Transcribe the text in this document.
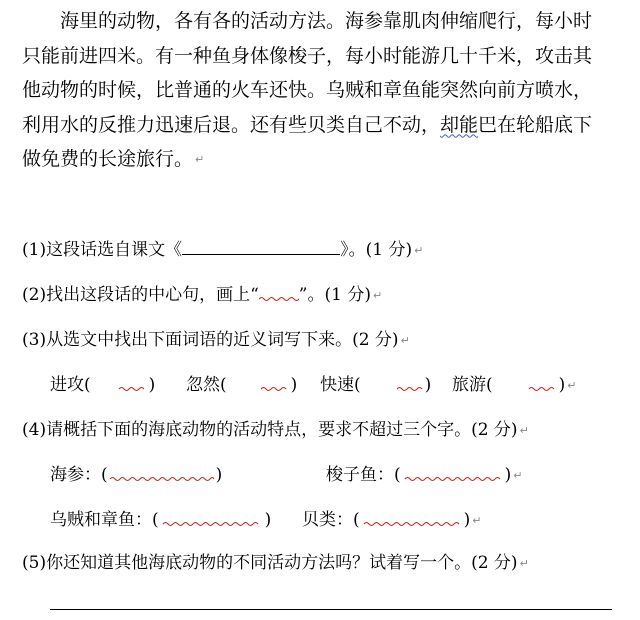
海里的动物，各有各的活动方法。海参靠肌肉伸缩爬行，每小时
只能前进四米。有一种鱼身体像梭子，每小时能游几十千米，攻击其
他动物的时候，比普通的火车还快。乌贼和章鱼能突然向前方喷水，
利用水的反推力迅速后退。还有些贝类自己不动，却能巴在轮船底下
做免费的长途旅行。 ↵
(1)这段话选自课文《	》。(1 分) ↵
(2)找出这段话的中心句，画上“ ”。(1 分) ↵
(3)从选文中找出下面词语的近义词写下来。(2 分) ↵
进攻(	) 忽然(	) 快速(	) 旅游(	) ↵
(4)请概括下面的海底动物的活动特点，要求不超过三个字。(2 分) ↵
海参：(	)	梭子鱼：(	) ↵
乌贼和章鱼：(	) 贝类：(	) ↵
(5)你还知道其他海底动物的不同活动方法吗？试着写一个。(2 分) ↵
